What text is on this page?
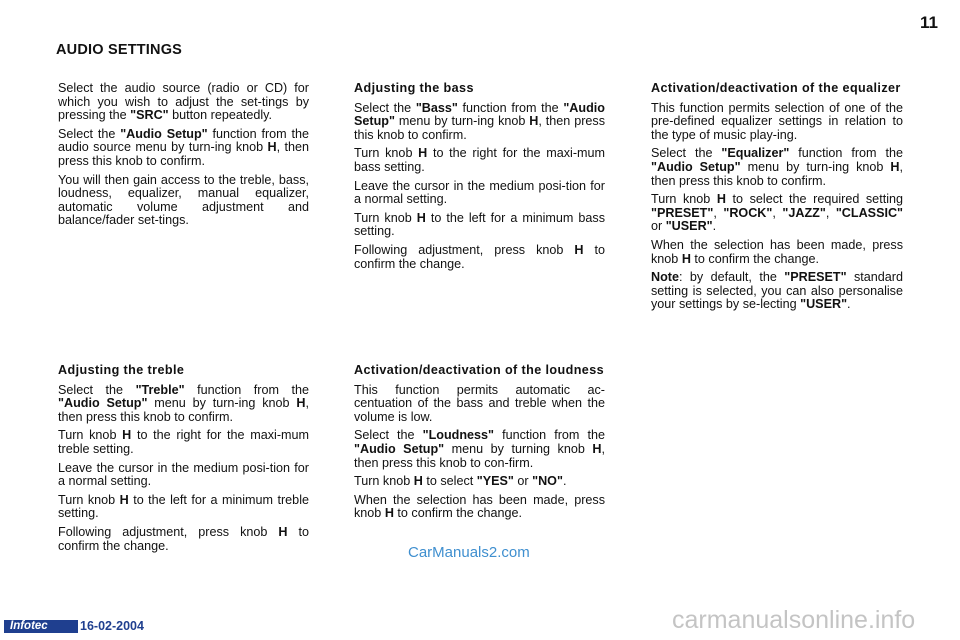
11
AUDIO SETTINGS

Select the audio source (radio or CD) for which you wish to adjust the set-tings by pressing the "SRC" button repeatedly.

Select the "Audio Setup" function from the audio source menu by turn-ing knob H, then press this knob to confirm.

You will then gain access to the treble, bass, loudness, equalizer, manual equalizer, automatic volume adjustment and balance/fader set-tings.

Adjusting the treble

Select the "Treble" function from the "Audio Setup" menu by turn-ing knob H, then press this knob to confirm.

Turn knob H to the right for the maxi-mum treble setting.

Leave the cursor in the medium posi-tion for a normal setting.

Turn knob H to the left for a minimum treble setting.

Following adjustment, press knob H to confirm the change.

Adjusting the bass

Select the "Bass" function from the "Audio Setup" menu by turn-ing knob H, then press this knob to confirm.

Turn knob H to the right for the maxi-mum bass setting.

Leave the cursor in the medium posi-tion for a normal setting.

Turn knob H to the left for a minimum bass setting.

Following adjustment, press knob H to confirm the change.

Activation/deactivation of the loudness

This function permits automatic ac-centuation of the bass and treble when the volume is low.

Select the "Loudness" function from the "Audio Setup" menu by turning knob H, then press this knob to con-firm.

Turn knob H to select "YES" or "NO".

When the selection has been made, press knob H to confirm the change.

Activation/deactivation of the equalizer

This function permits selection of one of the pre-defined equalizer settings in relation to the type of music play-ing.

Select the "Equalizer" function from the "Audio Setup" menu by turn-ing knob H, then press this knob to confirm.

Turn knob H to select the required setting "PRESET", "ROCK", "JAZZ", "CLASSIC" or "USER".

When the selection has been made, press knob H to confirm the change.

Note: by default, the "PRESET" standard setting is selected, you can also personalise your settings by se-lecting "USER".

CarManuals2.com
carmanualsonline.info
Infotec	16-02-2004
